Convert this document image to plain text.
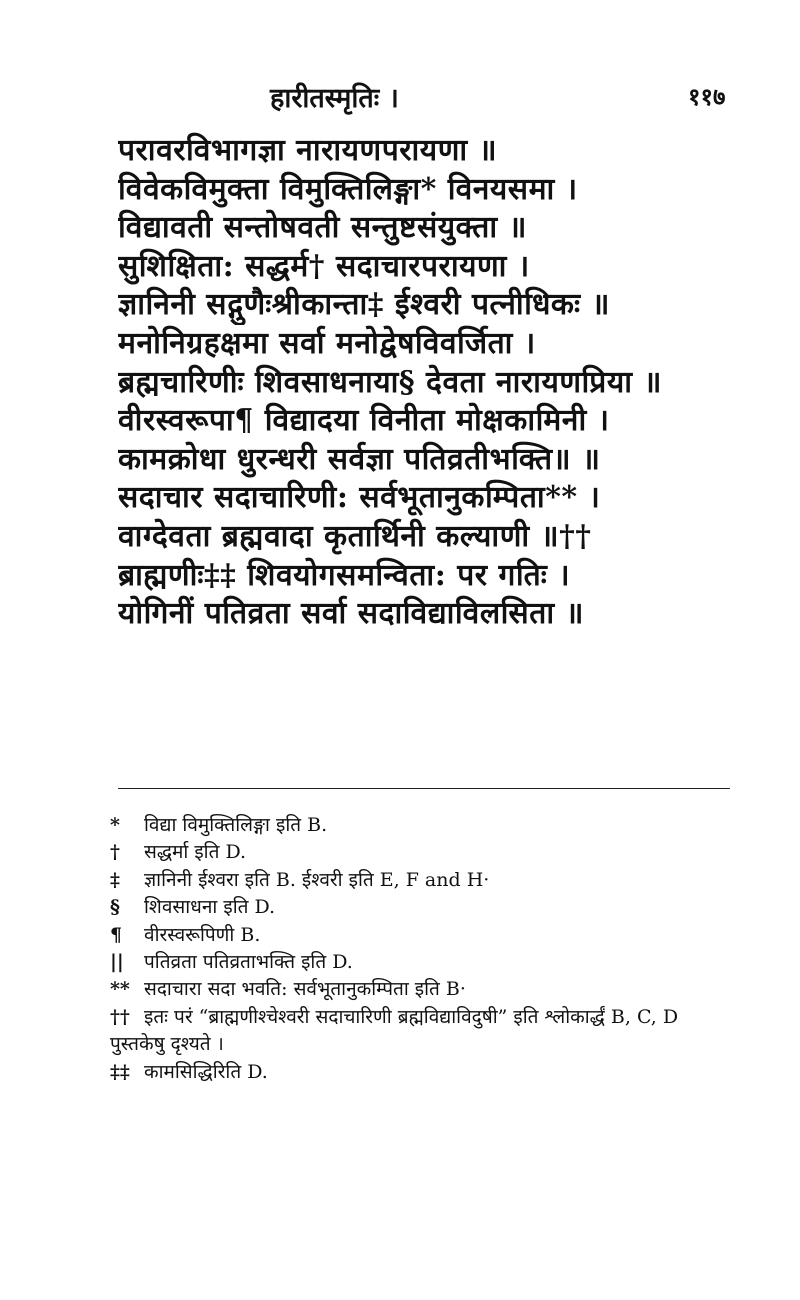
हारीतस्मृतिः ।	११७
परावरविभागज्ञा नारायणपरायणा ॥
विवेकविमुक्ता विमुक्तिलिङ्गा* विनयसमा ।
विद्यावती सन्तोषवती सन्तुष्टसंयुक्ता ॥
सुशिक्षिता: सद्धर्म† सदाचारपरायणा ।
ज्ञानिनी सद्गुणैःश्रीकान्ता‡ ईश्वरी पत्नीधिकः ॥
मनोनिग्रहक्षमा सर्वा मनोद्वेषविवर्जिता ।
ब्रह्मचारिणीः शिवसाधनाया§ देवता नारायणप्रिया ॥
वीरस्वरूपा¶ विद्यादया विनीता मोक्षकामिनी ।
कामक्रोधा धुरन्धरी सर्वज्ञा पतिव्रतीभक्ति॥ ॥
सदाचार सदाचारिणी: सर्वभूतानुकम्पिता** ।
वाग्देवता ब्रह्मवादा कृतार्थिनी कल्याणी ॥††
ब्राह्मणीः‡‡ शिवयोगसमन्विता: पर गतिः ।
योगिनीं पतिव्रता सर्वा सदाविद्याविलसिता ॥
* विद्या विमुक्तिलिङ्गा इति B.
† सद्धर्मा इति D.
‡ ज्ञानिनी ईश्वरा इति B. ईश्वरी इति E, F and H·
§ शिवसाधना इति D.
¶ वीरस्वरूपिणी B.
|| पतिव्रता पतिव्रताभक्ति इति D.
** सदाचारा सदा भवति: सर्वभूतानुकम्पिता इति B·
†† इतः परं “ब्राह्मणीश्चेश्वरी सदाचारिणी ब्रह्मविद्याविदुषी” इति श्लोकार्द्धं B, C, D
पुस्तकेषु दृश्यते ।
‡‡ कामसिद्धिरिति D.
